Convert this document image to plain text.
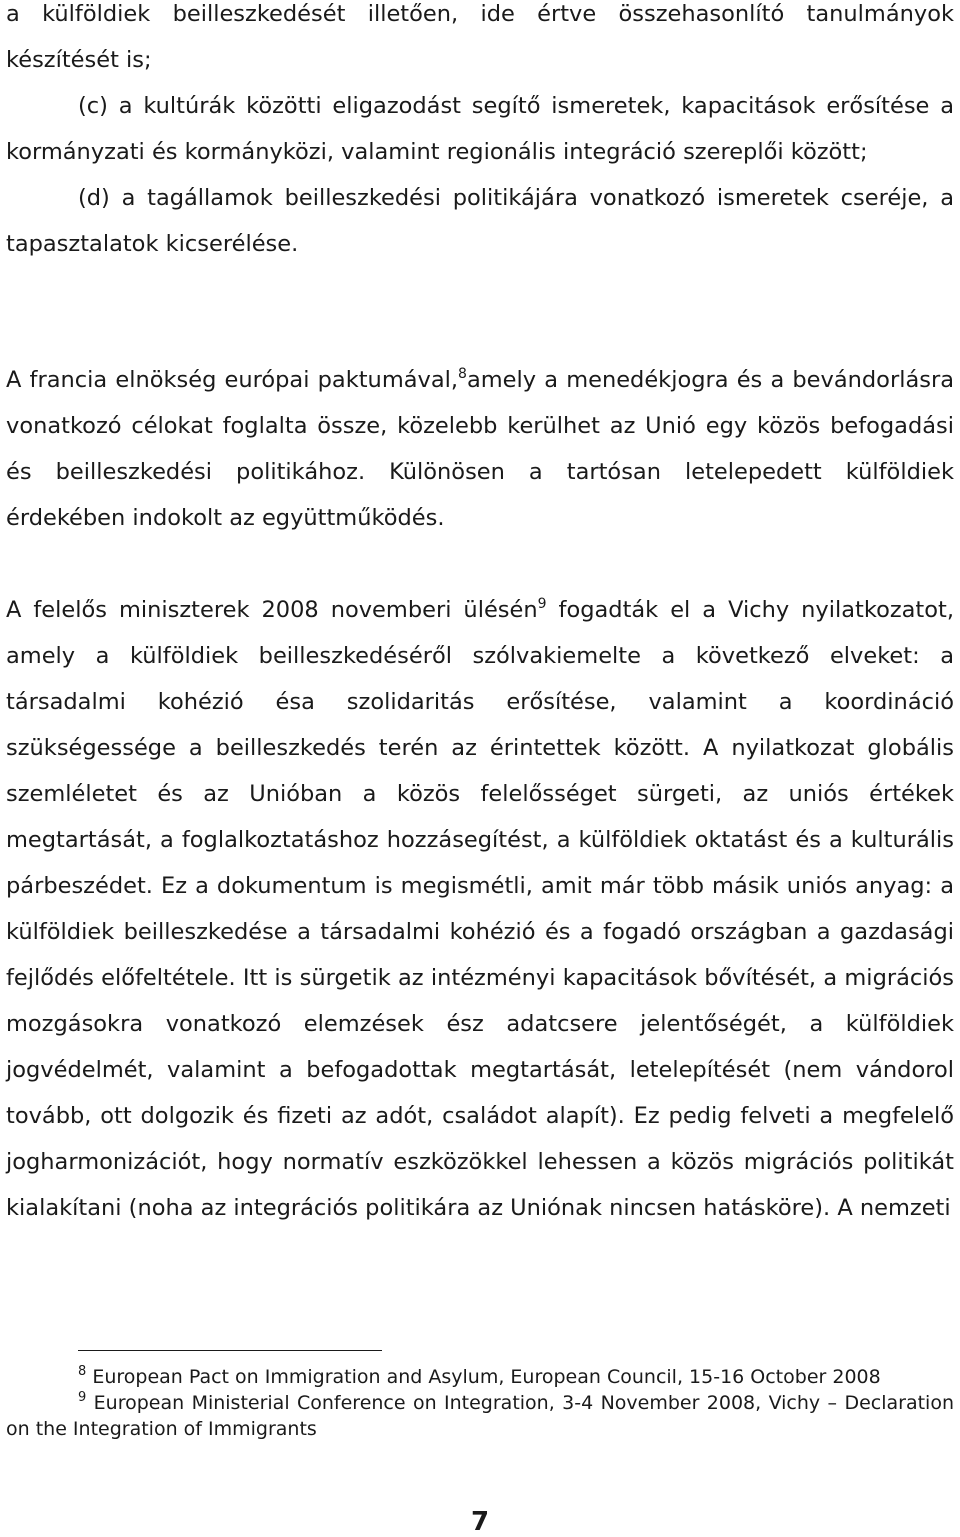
a külföldiek beilleszkedését illetően, ide értve összehasonlító tanulmányok készítését is;

(c) a kultúrák közötti eligazodást segítő ismeretek, kapacitások erősítése a kormányzati és kormányközi, valamint regionális integráció szereplői között;

(d) a tagállamok beilleszkedési politikájára vonatkozó ismeretek cseréje, a tapasztalatok kicserélése.

A francia elnökség európai paktumával,$^8$amely a menedékjogra és a bevándorlásra vonatkozó célokat foglalta össze, közelebb kerülhet az Unió egy közös befogadási és beilleszkedési politikához. Különösen a tartósan letelepedett külföldiek érdekében indokolt az együttműködés.

A felelős miniszterek 2008 novemberi ülésén$^9$ fogadták el a Vichy nyilatkozatot, amely a külföldiek beilleszkedéséről szólvakiemelte a következő elveket: a társadalmi kohézió ésa szolidaritás erősítése, valamint a koordináció szükségessége a beilleszkedés terén az érintettek között. A nyilatkozat globális szemléletet és az Unióban a közös felelősséget sürgeti, az uniós értékek megtartását, a foglalkoztatáshoz hozzásegítést, a külföldiek oktatást és a kulturális párbeszédet. Ez a dokumentum is megismétli, amit már több másik uniós anyag: a külföldiek beilleszkedése a társadalmi kohézió és a fogadó országban a gazdasági fejlődés előfeltétele. Itt is sürgetik az intézményi kapacitások bővítését, a migrációs mozgásokra vonatkozó elemzések ész adatcsere jelentőségét, a külföldiek jogvédelmét, valamint a befogadottak megtartását, letelepítését (nem vándorol tovább, ott dolgozik és fizeti az adót, családot alapít). Ez pedig felveti a megfelelő jogharmonizációt, hogy normatív eszközökkel lehessen a közös migrációs politikát kialakítani (noha az integrációs politikára az Uniónak nincsen hatásköre). A nemzeti

$^8$ European Pact on Immigration and Asylum, European Council, 15-16 October 2008

$^9$ European Ministerial Conference on Integration, 3-4 November 2008, Vichy – Declaration on the Integration of Immigrants

7
